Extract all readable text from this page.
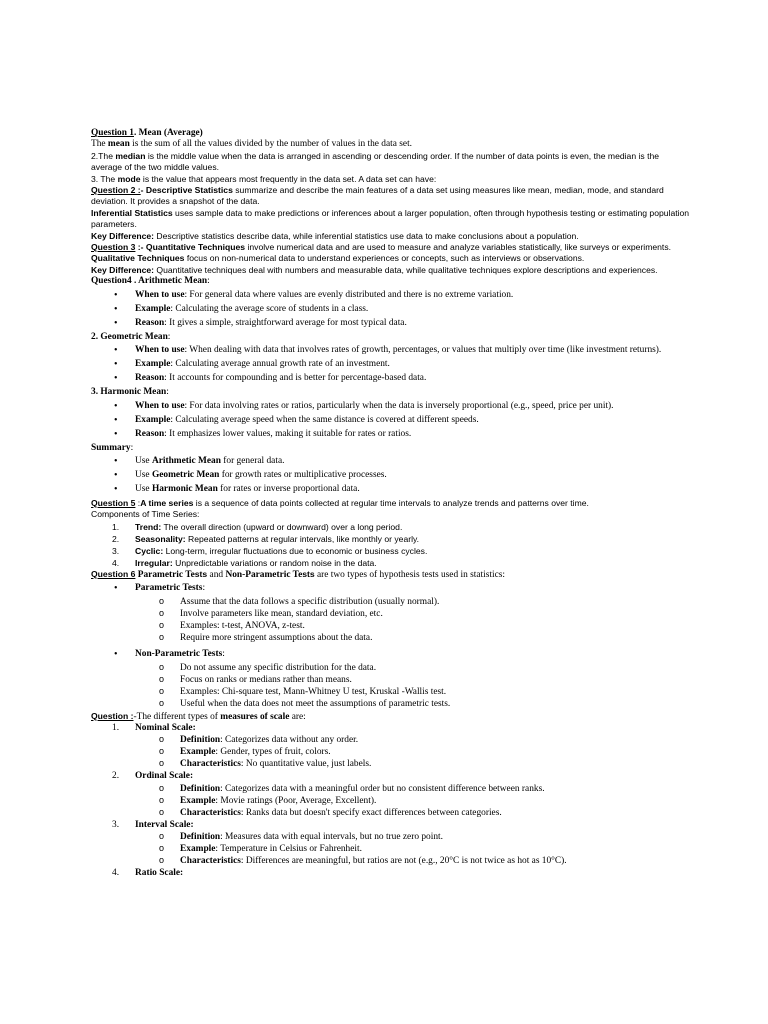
Question 1. Mean (Average)

The mean is the sum of all the values divided by the number of values in the data set.

2.The median is the middle value when the data is arranged in ascending or descending order. If the number of data points is even, the median is the average of the two middle values.

3. The mode is the value that appears most frequently in the data set. A data set can have:

Question 2 :- Descriptive Statistics summarize and describe the main features of a data set using measures like mean, median, mode, and standard deviation. It provides a snapshot of the data.

Inferential Statistics uses sample data to make predictions or inferences about a larger population, often through hypothesis testing or estimating population parameters.

Key Difference: Descriptive statistics describe data, while inferential statistics use data to make conclusions about a population.

Question 3 :- Quantitative Techniques involve numerical data and are used to measure and analyze variables statistically, like surveys or experiments.

Qualitative Techniques focus on non-numerical data to understand experiences or concepts, such as interviews or observations.

Key Difference: Quantitative techniques deal with numbers and measurable data, while qualitative techniques explore descriptions and experiences.

Question4 . Arithmetic Mean:

• When to use: For general data where values are evenly distributed and there is no extreme variation.
• Example: Calculating the average score of students in a class.
• Reason: It gives a simple, straightforward average for most typical data.

2. Geometric Mean:

• When to use: When dealing with data that involves rates of growth, percentages, or values that multiply over time (like investment returns).
• Example: Calculating average annual growth rate of an investment.
• Reason: It accounts for compounding and is better for percentage-based data.

3. Harmonic Mean:

• When to use: For data involving rates or ratios, particularly when the data is inversely proportional (e.g., speed, price per unit).
• Example: Calculating average speed when the same distance is covered at different speeds.
• Reason: It emphasizes lower values, making it suitable for rates or ratios.

Summary:

• Use Arithmetic Mean for general data.
• Use Geometric Mean for growth rates or multiplicative processes.
• Use Harmonic Mean for rates or inverse proportional data.

Question 5 :A time series is a sequence of data points collected at regular time intervals to analyze trends and patterns over time.

Components of Time Series:

1. Trend: The overall direction (upward or downward) over a long period.
2. Seasonality: Repeated patterns at regular intervals, like monthly or yearly.
3. Cyclic: Long-term, irregular fluctuations due to economic or business cycles.
4. Irregular: Unpredictable variations or random noise in the data.

Question 6 Parametric Tests and Non-Parametric Tests are two types of hypothesis tests used in statistics:

• Parametric Tests:
o Assume that the data follows a specific distribution (usually normal).
o Involve parameters like mean, standard deviation, etc.
o Examples: t-test, ANOVA, z-test.
o Require more stringent assumptions about the data.
• Non-Parametric Tests:
o Do not assume any specific distribution for the data.
o Focus on ranks or medians rather than means.
o Examples: Chi-square test, Mann-Whitney U test, Kruskal -Wallis test.
o Useful when the data does not meet the assumptions of parametric tests.

Question :-The different types of measures of scale are:

1. Nominal Scale:
o Definition: Categorizes data without any order.
o Example: Gender, types of fruit, colors.
o Characteristics: No quantitative value, just labels.
2. Ordinal Scale:
o Definition: Categorizes data with a meaningful order but no consistent difference between ranks.
o Example: Movie ratings (Poor, Average, Excellent).
o Characteristics: Ranks data but doesn't specify exact differences between categories.
3. Interval Scale:
o Definition: Measures data with equal intervals, but no true zero point.
o Example: Temperature in Celsius or Fahrenheit.
o Characteristics: Differences are meaningful, but ratios are not (e.g., 20°C is not twice as hot as 10°C).
4. Ratio Scale:
